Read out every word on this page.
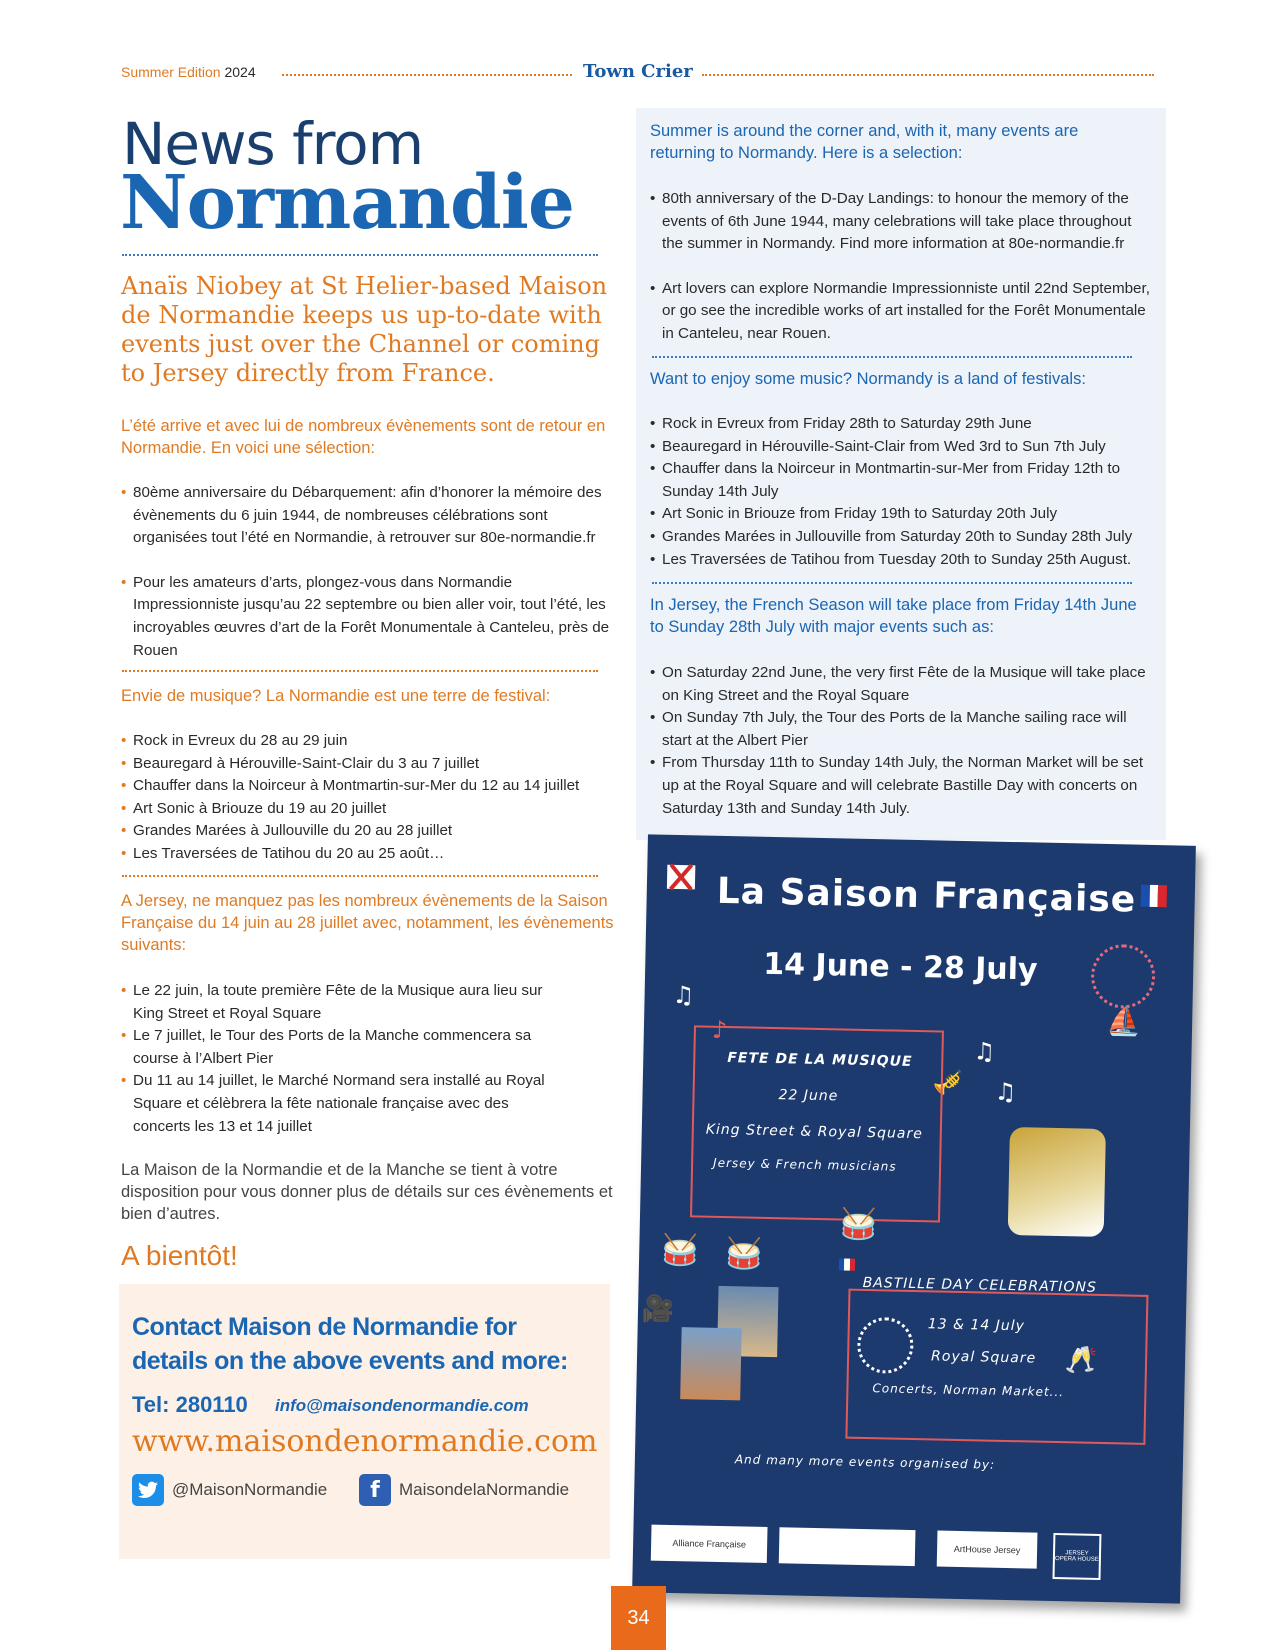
Summer Edition 2024	Town Crier
News from
Normandie
Anaïs Niobey at St Helier-based Maison de Normandie keeps us up-to-date with events just over the Channel or coming to Jersey directly from France.
L’été arrive et avec lui de nombreux évènements sont de retour en Normandie. En voici une sélection:
• 80ème anniversaire du Débarquement: afin d’honorer la mémoire des évènements du 6 juin 1944, de nombreuses célébrations sont organisées tout l’été en Normandie, à retrouver sur 80e-normandie.fr
• Pour les amateurs d’arts, plongez-vous dans Normandie Impressionniste jusqu’au 22 septembre ou bien aller voir, tout l’été, les incroyables œuvres d’art de la Forêt Monumentale à Canteleu, près de Rouen
Envie de musique? La Normandie est une terre de festival:
• Rock in Evreux du 28 au 29 juin
• Beauregard à Hérouville-Saint-Clair du 3 au 7 juillet
• Chauffer dans la Noirceur à Montmartin-sur-Mer du 12 au 14 juillet
• Art Sonic à Briouze du 19 au 20 juillet
• Grandes Marées à Jullouville du 20 au 28 juillet
• Les Traversées de Tatihou du 20 au 25 août…
A Jersey, ne manquez pas les nombreux évènements de la Saison Française du 14 juin au 28 juillet avec, notamment, les évènements suivants:
• Le 22 juin, la toute première Fête de la Musique aura lieu sur King Street et Royal Square
• Le 7 juillet, le Tour des Ports de la Manche commencera sa course à l’Albert Pier
• Du 11 au 14 juillet, le Marché Normand sera installé au Royal Square et célèbrera la fête nationale française avec des concerts les 13 et 14 juillet
La Maison de la Normandie et de la Manche se tient à votre disposition pour vous donner plus de détails sur ces évènements et bien d’autres.
A bientôt!
Summer is around the corner and, with it, many events are returning to Normandy. Here is a selection:
• 80th anniversary of the D-Day Landings: to honour the memory of the events of 6th June 1944, many celebrations will take place throughout the summer in Normandy. Find more information at 80e-normandie.fr
• Art lovers can explore Normandie Impressionniste until 22nd September, or go see the incredible works of art installed for the Forêt Monumentale in Canteleu, near Rouen.
Want to enjoy some music? Normandy is a land of festivals:
• Rock in Evreux from Friday 28th to Saturday 29th June
• Beauregard in Hérouville-Saint-Clair from Wed 3rd to Sun 7th July
• Chauffer dans la Noirceur in Montmartin-sur-Mer from Friday 12th to Sunday 14th July
• Art Sonic in Briouze from Friday 19th to Saturday 20th July
• Grandes Marées in Jullouville from Saturday 20th to Sunday 28th July
• Les Traversées de Tatihou from Tuesday 20th to Sunday 25th August.
In Jersey, the French Season will take place from Friday 14th June to Sunday 28th July with major events such as:
• On Saturday 22nd June, the very first Fête de la Musique will take place on King Street and the Royal Square
• On Sunday 7th July, the Tour des Ports de la Manche sailing race will start at the Albert Pier
• From Thursday 11th to Sunday 14th July, the Norman Market will be set up at the Royal Square and will celebrate Bastille Day with concerts on Saturday 13th and Sunday 14th July.
Contact Maison de Normandie for details on the above events and more:
Tel: 280110 info@maisondenormandie.com
www.maisondenormandie.com
@MaisonNormandie	f	MaisondelaNormandie
La Saison Française
14 June - 28 July
♫
♪	⛵
♫
♫
🎺
FETE DE LA MUSIQUE
22 June
King Street & Royal Square
Jersey & French musicians
🥁
🥁 🥁
BASTILLE DAY CELEBRATIONS
13 & 14 July
Royal Square
Concerts, Norman Market...
🥂
🎥
And many more events organised by:
Alliance Française
ArtHouse Jersey	JERSEY OPERA HOUSE
34
